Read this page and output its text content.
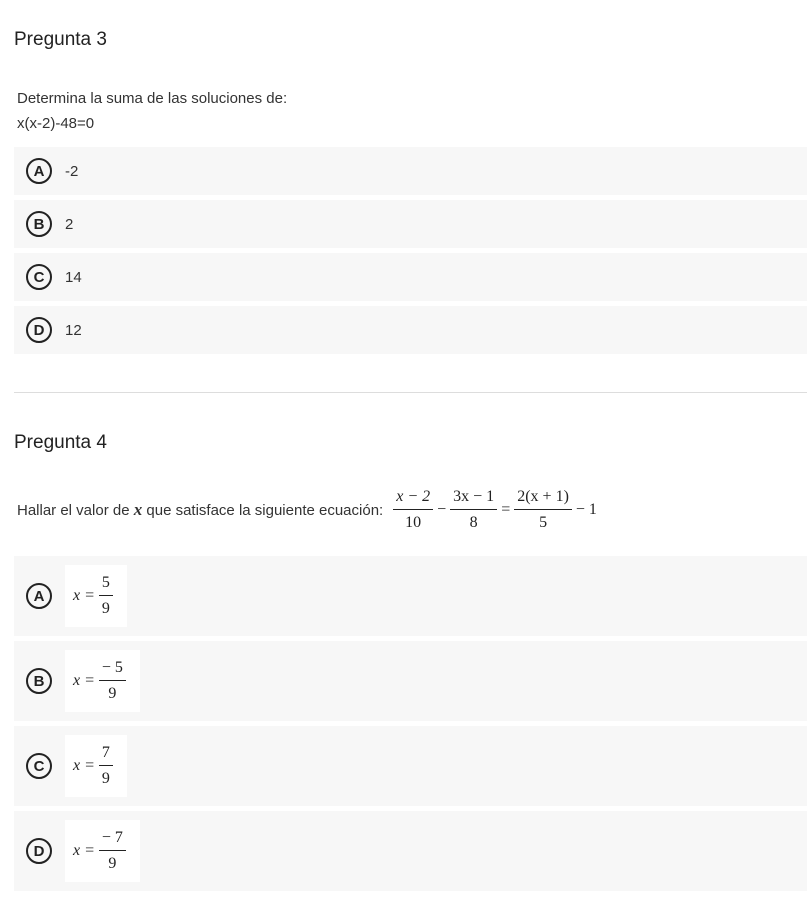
Pregunta 3
Determina la suma de las soluciones de:
x(x-2)-48=0
A	-2
B	2
C	14
D	12
Pregunta 4
Hallar el valor de x que satisface la siguiente ecuación: $\frac{x - 2}{10} - \frac{3x - 1}{8} = \frac{2(x + 1)}{5} - 1$
A	$x = \frac{5}{9}$
B	$x = \frac{- 5}{9}$
C	$x = \frac{7}{9}$
D	$x = \frac{- 7}{9}$
